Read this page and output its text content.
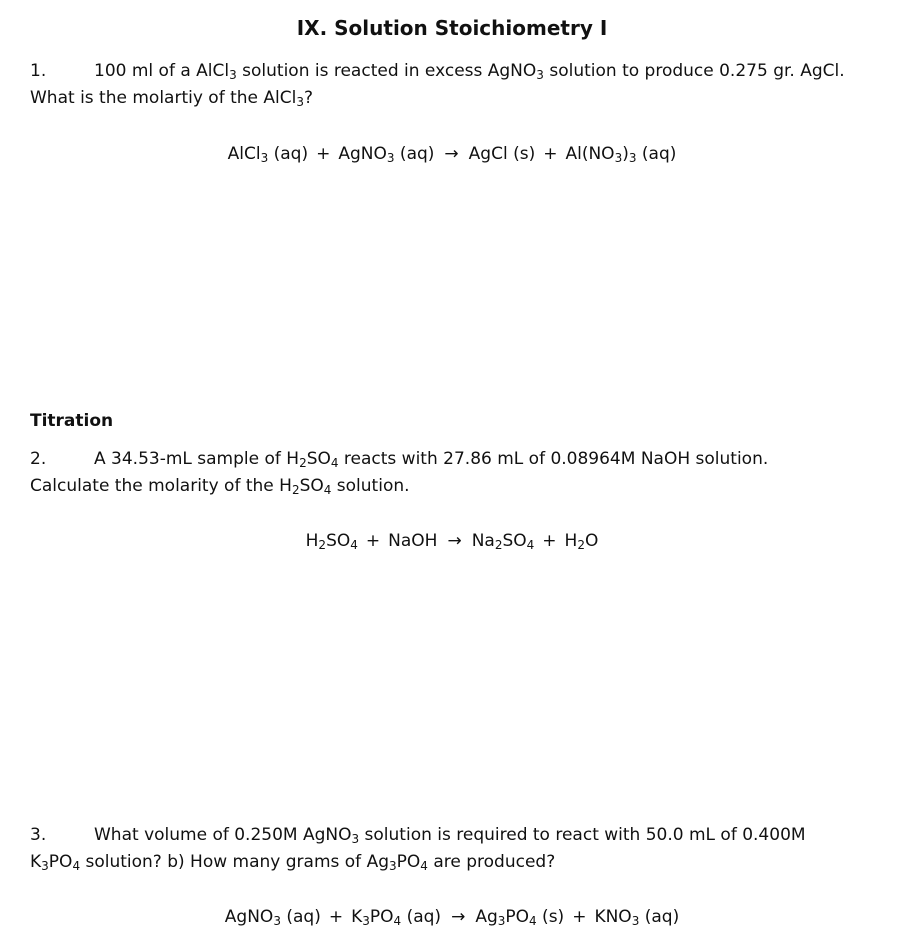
IX. Solution Stoichiometry I
1.	100 ml of a AlCl$_3$ solution is reacted in excess AgNO$_3$ solution to produce 0.275 gr. AgCl.
What is the molartiy of the AlCl$_3$?
AlCl$_3$ (aq) + AgNO$_3$ (aq) → AgCl $(s) + Al(NO_3)_3$ (aq)
Titration
2.	A 34.53-mL sample of $H_2SO_4$ reacts with 27.86 mL of 0.08964M NaOH solution.
Calculate the molarity of the $H_2SO_4$ solution.
$H_2SO_4$ + NaOH → $Na_2SO_4 + H_2O$
3.	What volume of 0.250M AgNO$_3$ solution is required to react with 50.0 mL of 0.400M
$K_3PO_4$ solution? b) How many grams of $Ag_3PO_4$ are produced?
AgNO$_3$ $(aq) + K_3PO_4$ $(aq) \to Ag_3PO_4$ $(s) + KNO_3$ (aq)
